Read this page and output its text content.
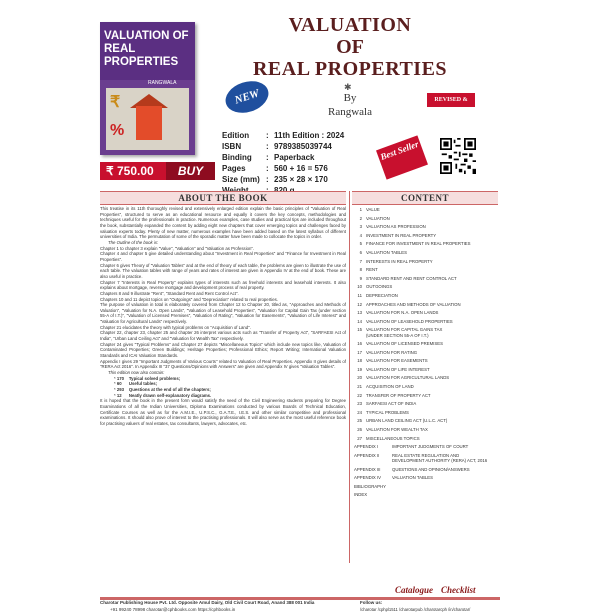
VALUATION OF REAL PROPERTIES
RANGWALA
₹
%
₹ 750.00	BUY
VALUATION
OF
REAL PROPERTIES
✱
By
Rangwala
NEW	REVISED & ENLARGED
Edition : 11th Edition : 2024
ISBN	: 9789385039744
Binding : Paperback
Pages	: 560 + 16 = 576
Size (mm) : 235 × 28 × 170
Best Seller
ABOUT THE BOOK	CONTENT

This treatise in its 11th thoroughly revised and extensively enlarged edition explain the basic principles of "Valuation of Real Properties", structured to serve as an educational resource and equally it covers the key concepts, methodologies and techniques useful for the professionals in practice. Numerous examples, case studies and practical tips are included throughout the book, substantially expanded the content by adding eight new chapters that cover emerging topics and challenges faced by valuation experts today. Plenty of new matter, numerous examples have been added based on the latest syllabus of different universities of India. The permutation of some of the sporadic matter have been made to collocate the topics in order.

The Outline of the book is:

Chapter 1 to chapter 3 explain "Value", "Valuation" and "Valuation as Profession".

Chapter 4 and chapter 5 give detailed understanding about "Investment in Real Properties" and "Finance for Investment in Real Properties".

Chapter 6 gives Theory of "Valuation Tables" and at the end of theory of each table, the problems are given to illustrate the use of each table. The valuation tables with range of years and rates of interest are given in Appendix IV at the end of book. These are also useful in practice.

Chapter 7 "Interests in Real Property" explains types of interests such as freehold interests and leasehold interests. It also explains about mortgage, reverse mortgage and development process of real property.

Chapters 8 and 9 illustrate "Rent", "Standard Rent and Rent Control Act".

Chapters 10 and 11 depict topics on "Outgoings" and "Depreciation" related to real properties.

The purpose of valuation in total is elaborately covered from Chapter 12 to Chapter 20, titled as, "Approaches and Methods of Valuation", "Valuation for N.A. Open Lands", "Valuation of Leasehold Properties", "Valuation for Capital Gain Tax (under section 55-A of I.T.)", "Valuation of Licensed Premises", "Valuation of Rating", "Valuation for Easements", "Valuation of Life Interest" and "Valuation for Agricultural Lands" respectively.

Chapter 21 elucidates the theory with typical problems on "Acquisition of Land".

Chapter 22, chapter 23, chapter 25 and chapter 26 interpret various acts such as "Transfer of Property Act", "SARFAESI Act of India", "Urban Land Ceiling Act" and "Valuation for Wealth Tax" respectively.

Chapter 24 gives "Typical Problems" and Chapter 27 depicts "Miscellaneous Topics" which include new topics like, Valuation of Contaminated Properties; Green Buildings; Heritage Properties; Professional Ethics; Report Writing; International Valuation Standards and ICAI Valuation Standards.

Appendix I gives 29 "Important Judgments of Various Courts" related to Valuation of Real Properties. Appendix II gives details of "RERA Act 2016". In Appendix III "37 Questions/Opinions with Answers" are given and Appendix IV gives "Valuation Tables".

This edition now also contain:

* 170 Typical solved problems;
* 60 Useful tables;
* 293 Questions at the end of all the chapters;
* 12 Neatly drawn self-explanatory diagrams.

It is hoped that the book in the present form would satisfy the need of the Civil Engineering students preparing for Degree Examinations of all the Indian Universities, Diploma Examinations conducted by various Boards of Technical Education, Certificate Courses as well as for the A.M.I.E., U.P.S.C., G.A.T.E., I.E.S. and other similar competitive and professional examinations. It should also prove of interest to the practising professionals. It will also serve as the most useful reference book for practising valuers of real estates, tax consultants, lawyers, advocates, etc.

1 VALUE
2 VALUATION
3 VALUATION AS PROFESSION
4 INVESTMENT IN REAL PROPERTY
5 FINANCE FOR INVESTMENT IN REAL PROPERTIES
6 VALUATION TABLES
7 INTERESTS IN REAL PROPERTY
8 RENT
9 STANDARD RENT AND RENT CONTROL ACT
10 OUTGOINGS
11 DEPRECIATION
12 APPROACHES AND METHODS OF VALUATION
13 VALUATION FOR N.A. OPEN LANDS
14 VALUATION OF LEASEHOLD PROPERTIES
15 VALUATION FOR CAPITAL GAINS TAX
(UNDER SECTION 55-A OF I.T.)
16 VALUATION OF LICENSED PREMISES
17 VALUATION FOR RATING
18 VALUATION FOR EASEMENTS
19 VALUATION OF LIFE INTEREST
20 VALUATION FOR AGRICULTURAL LANDS
21 ACQUISITION OF LAND
22 TRANSFER OF PROPERTY ACT
23 SARFAESI ACT OF INDIA
24 TYPICAL PROBLEMS
25 URBAN LAND CEILING ACT (U.L.C. ACT)
26 VALUATION FOR WEALTH TAX
27 MISCELLANEOUS TOPICS
APPENDIX I	IMPORTANT JUDGMENTS OF COURT
APPENDIX II	REAL ESTATE REGULATION AND
DEVELOPMENT AUTHORITY (RERA) ACT, 2016
APPENDIX III	QUESTIONS AND OPINION/ANSWERS
APPENDIX IV	VALUATION TABLES
BIBLIOGRAPHY
INDEX
Catalogue Checklist
Charotar Publishing House Pvt. Ltd. Opposite Amul Dairy, Old Civil Court Road, Anand 388 001 India
+91 99240 78998 charotar@cphbooks.com https://cphbooks.in
Follow us:
/charotar /cphpl1511 /charotarpub /charotarcph /in/charotar/
